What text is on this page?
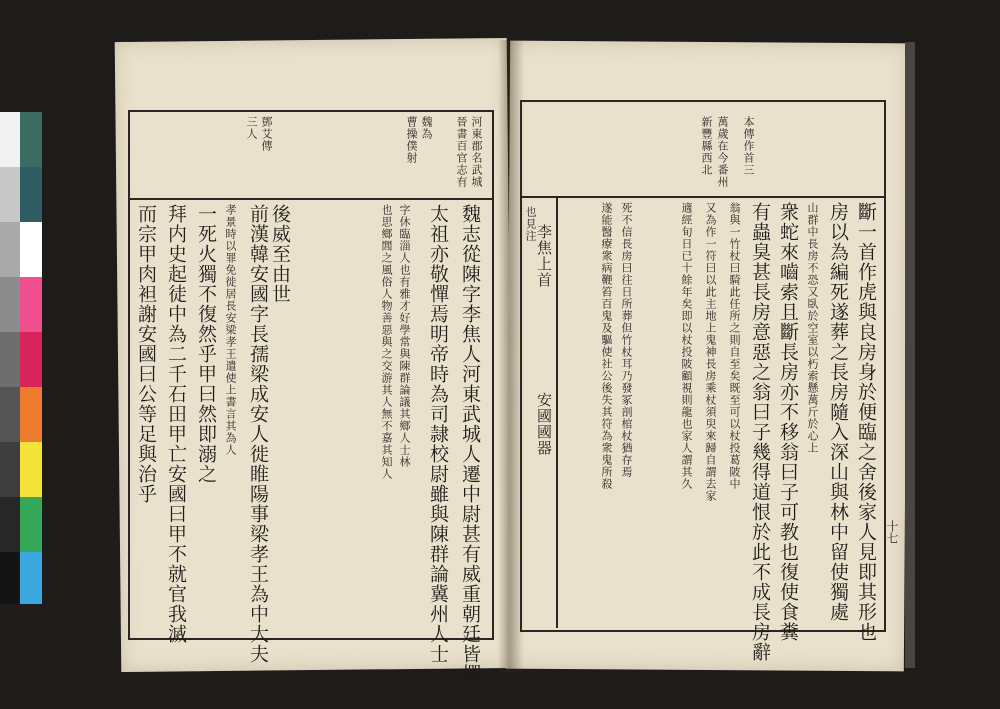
河東郡名武城
晉書百官志有
魏為
曹操僕射
鄧艾傳
三人
魏志從陳字李焦人河東武城人遷中尉甚有威重朝廷皆憚
太祖亦敬憚焉明帝時為司隷校尉雖與陳群論冀州人士
字休臨淄人也有雅才好學常與陳群論議其鄉人士林
也思鄉閭之風俗人物善惡與之交游其人無不嘉其知人
後威至由世
前漢韓安國字長孺梁成安人徙睢陽事梁孝王為中大夫
孝景時以罪免徙居長安梁孝王遣使上書言其為人
一死火獨不復然乎甲曰然即溺之
拜内史起徒中為二千石田甲亡安國曰甲不就官我滅
而宗甲肉袒謝安國曰公等足與治乎
本傳作首三
萬歲在今番州
新豐縣西北
斷一首作虎與良房身於便臨之舍後家人見即其形也
房以為編死遂葬之長房隨入深山與林中留使獨處
山群中長房不恐又臥於空室以朽索懸萬斤於心上
衆蛇來嚙索且斷長房亦不移翁曰子可教也復使食糞
有蟲臭甚長房意惡之翁曰子幾得道恨於此不成長房辭
翁與一竹杖曰騎此任所之則自至矣既至可以杖投葛陂中
又為作一符曰以此主地上鬼神長房乘杖須臾來歸自謂去家
適經旬日已十餘年矣即以杖投陂顧視則龍也家人謂其久
死不信長房曰往日所葬但竹杖耳乃發冢剖棺杖猶存焉
遂能醫療衆病鞭笞百鬼及驅使社公後失其符為衆鬼所殺
也見注
李焦上首
安國國器
十七
